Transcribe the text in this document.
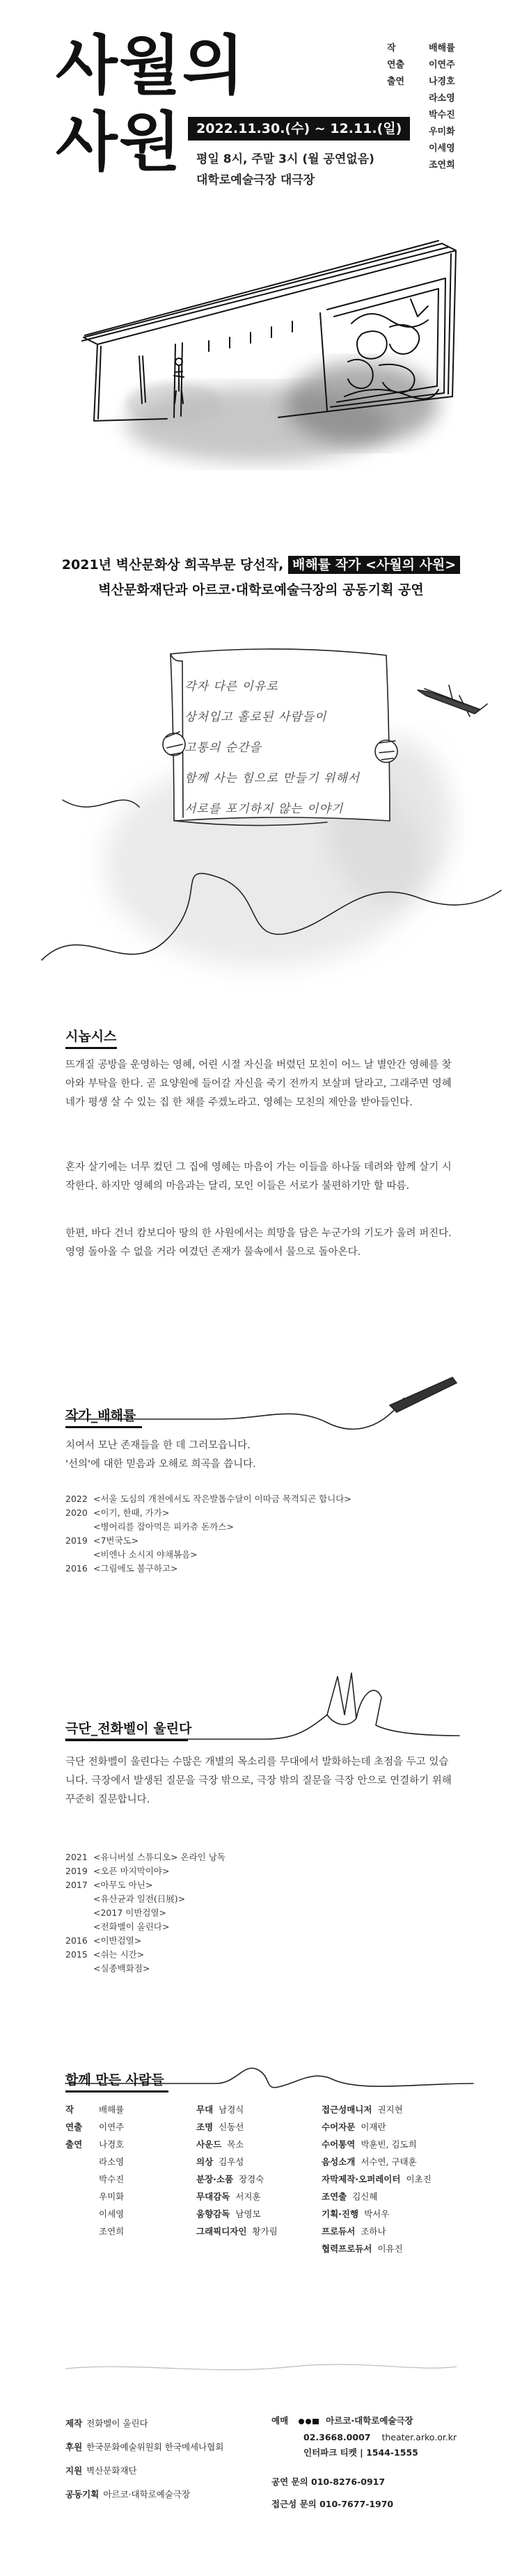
사월의
사원	2022.11.30.(수) ~ 12.11.(일)
평일 8시, 주말 3시 (월 공연없음)
대학로예술극장 대극장
작	배해률
연출	이연주
출연	나경호
라소영
박수진
우미화
이세영
조연희
2021년 벽산문화상 희곡부문 당선작, 배해률 작가 <사월의 사원>
벽산문화재단과 아르코·대학로예술극장의 공동기획 공연
각자 다른 이유로
상처입고 홀로된 사람들이
고통의 순간을
함께 사는 힘으로 만들기 위해서
서로를 포기하지 않는 이야기
시놉시스
뜨개질 공방을 운영하는 영혜, 어린 시절 자신을 버렸던 모친이 어느 날 별안간 영혜를 찾아와 부탁을 한다. 곧 요양원에 들어갈 자신을 죽기 전까지 보살펴 달라고, 그래주면 영혜 네가 평생 살 수 있는 집 한 채를 주겠노라고. 영혜는 모친의 제안을 받아들인다.
혼자 살기에는 너무 컸던 그 집에 영혜는 마음이 가는 이들을 하나둘 데려와 함께 살기 시작한다. 하지만 영혜의 마음과는 달리, 모인 이들은 서로가 불편하기만 할 따름.
한편, 바다 건너 캄보디아 땅의 한 사원에서는 희망을 담은 누군가의 기도가 울려 퍼진다. 영영 돌아올 수 없을 거라 여겼던 존재가 물속에서 물으로 돌아온다.
작가_배해률
치여서 모난 존재들을 한 데 그러모읍니다.
'선의'에 대한 믿음과 오해로 희곡을 씁니다.
2022 <서울 도심의 개천에서도 작은발톱수달이 이따금 목격되곤 합니다>
2020 <이기, 한때, 가가>
<병어리를 잡아먹은 피카츄 돈까스>
2019 <7번국도>
<비엔나 소시지 야채볶음>
2016 <그림에도 불구하고>
극단_전화벨이 울린다
극단 전화벨이 울린다는 수많은 개별의 목소리를 무대에서 발화하는데 초점을 두고 있습니다. 극장에서 발생된 질문을 극장 밖으로, 극장 밖의 질문을 극장 안으로 연결하기 위해 꾸준히 질문합니다.
2021 <유니버설 스튜디오> 온라인 낭독
2019 <오픈 마지막이야>
2017 <아무도 아닌>
<유산균과 일전(日展)>
<2017 이반검열>
<전화벨이 울린다>
2016 <이반검열>
2015 <쉬는 시간>
<실종백화점>
함께 만든 사람들
작	배해률
연출 이연주
출연 나경호
라소영
박수진
우미화
이세영
조연희
무대 남경식
조명 신동선
사운드 목소
의상 김우성
분장·소품 장경숙
무대감독 서지훈
움향감독 남영모
그래픽디자인 황가림
접근성매니저 권지현
수어자문 이재란
수어통역 박훈빈, 김도희
음성소개 서수연, 구태훈
자막제작·오퍼레이터 이초진
조연출 김신혜
기획·진행 박서우
프로듀서 조하나
협력프로듀서 이유진
제작 전화벨이 울린다
후원 한국문화예술위원회 한국메세나협회
지원 벽산문화재단
공동기획 아르코·대학로예술극장
예매	아르코·대학로예술극장
02.3668.0007 theater.arko.or.kr
인터파크 티켓 | 1544-1555
공연 문의 010-8276-0917
접근성 문의 010-7677-1970
